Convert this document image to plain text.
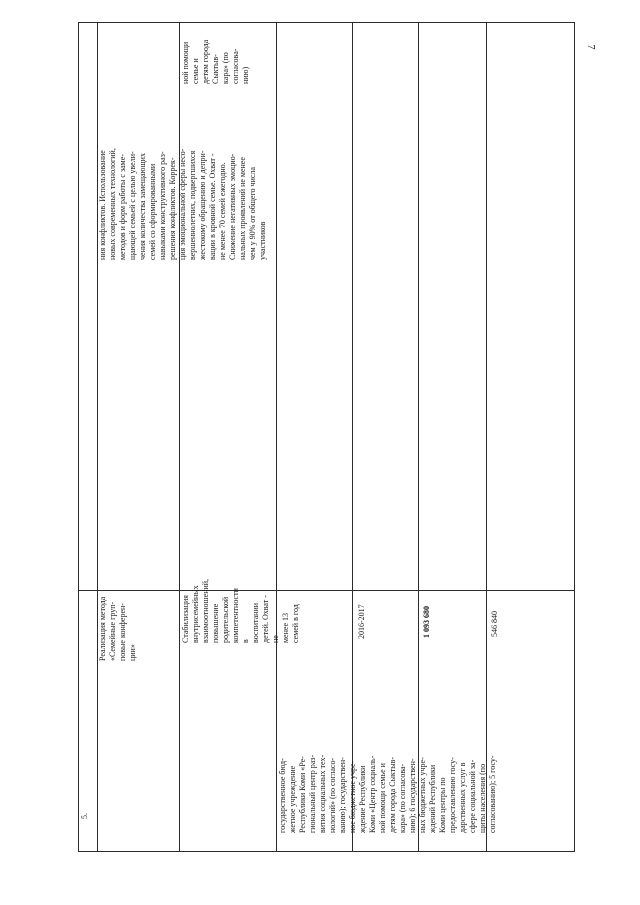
7
ния конфликтов. Использование
новых современных технологий,
методов и форм работы с заме-
щающей семьей с целью увели-
чения количества замещающих
семей со сформированными
навыками конструктивного раз-
решения конфликтов. Коррек-
ция эмоциональной сферы несо-
вершеннолетних, подвергшихся
жестокому обращению и депри-
вации в кровной семье. Охват -
не менее 70 семей ежегодно.
Снижение негативных эмоцио-
нальных проявлений не менее
чем у 90% от общего числа
участников
ной помощи семье и
детям города Сыктыв-
кара» (по согласова-
нию)
5.
Реализация метода
«Семейные груп-
повые конферен-
ции»
Стабилизация внутрисемейных
взаимоотношений, повышение
родительской компетентности в
воспитании детей. Охват - не
менее 13 семей в год
государственное бюд-
жетное учреждение
Республики Коми «Ре-
гиональный центр раз-
вития социальных тех-
нологий» (по согласо-
ванию); государствен-
ное бюджетное учре-
ждение Республики
Коми «Центр социаль-
ной помощи семье и
детям города Сыктыв-
кара» (по согласова-
нию); 6 государствен-
ных бюджетных учре-
ждений Республики
Коми центры по
предоставлению госу-
дарственных услуг в
сфере социальной за-
щиты населения (по
согласованию); 5 госу-
2016-2017	1 093 680	546 840
